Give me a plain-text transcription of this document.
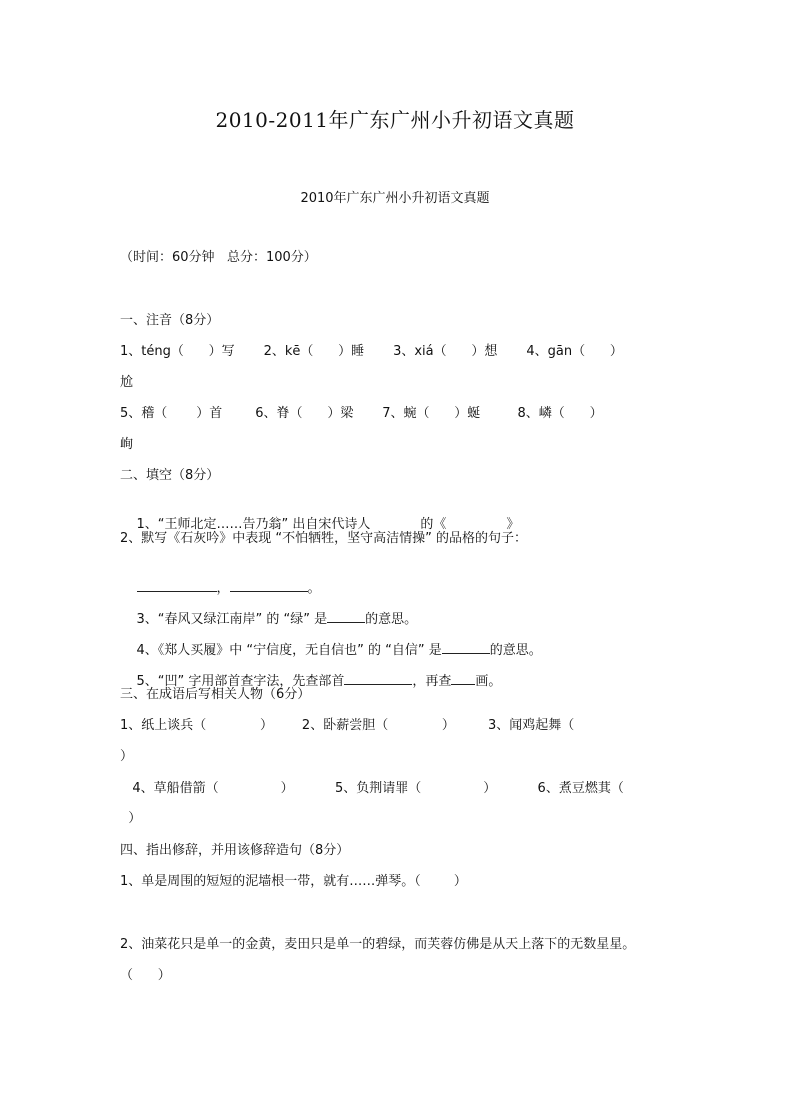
2010-2011年广东广州小升初语文真题
2010年广东广州小升初语文真题
（时间：60分钟   总分：100分）
一、注音（8分）
1、téng（      ）写       2、kē（      ）睡       3、xiá（      ）想       4、gān（      ）
尬
5、稽（       ）首        6、脊（      ）梁       7、蜿（      ）蜒         8、嶙（      ）
峋
二、填空（8分）

1、“王师北定……告乃翁” 出自宋代诗人	的《	》

2、默写《石灰吟》中表现 “不怕牺牲，坚守高洁情操” 的品格的句子：

，	。

3、“春风又绿江南岸” 的 “绿” 是	的意思。

4、《郑人买履》中 “宁信度，无自信也” 的 “自信” 是	的意思。

5、“凹” 字用部首查字法，先查部首	，再查 画。

三、在成语后写相关人物（6分）
1、纸上谈兵（             ）       2、卧薪尝胆（             ）        3、闻鸡起舞（
）
4、草船借箭（               ）          5、负荆请罪（               ）          6、煮豆燃萁（
）
四、指出修辞，并用该修辞造句（8分）
1、单是周围的短短的泥墙根一带，就有……弹琴。（        ）
2、油菜花只是单一的金黄，麦田只是单一的碧绿，而芙蓉仿佛是从天上落下的无数星星。
（      ）
